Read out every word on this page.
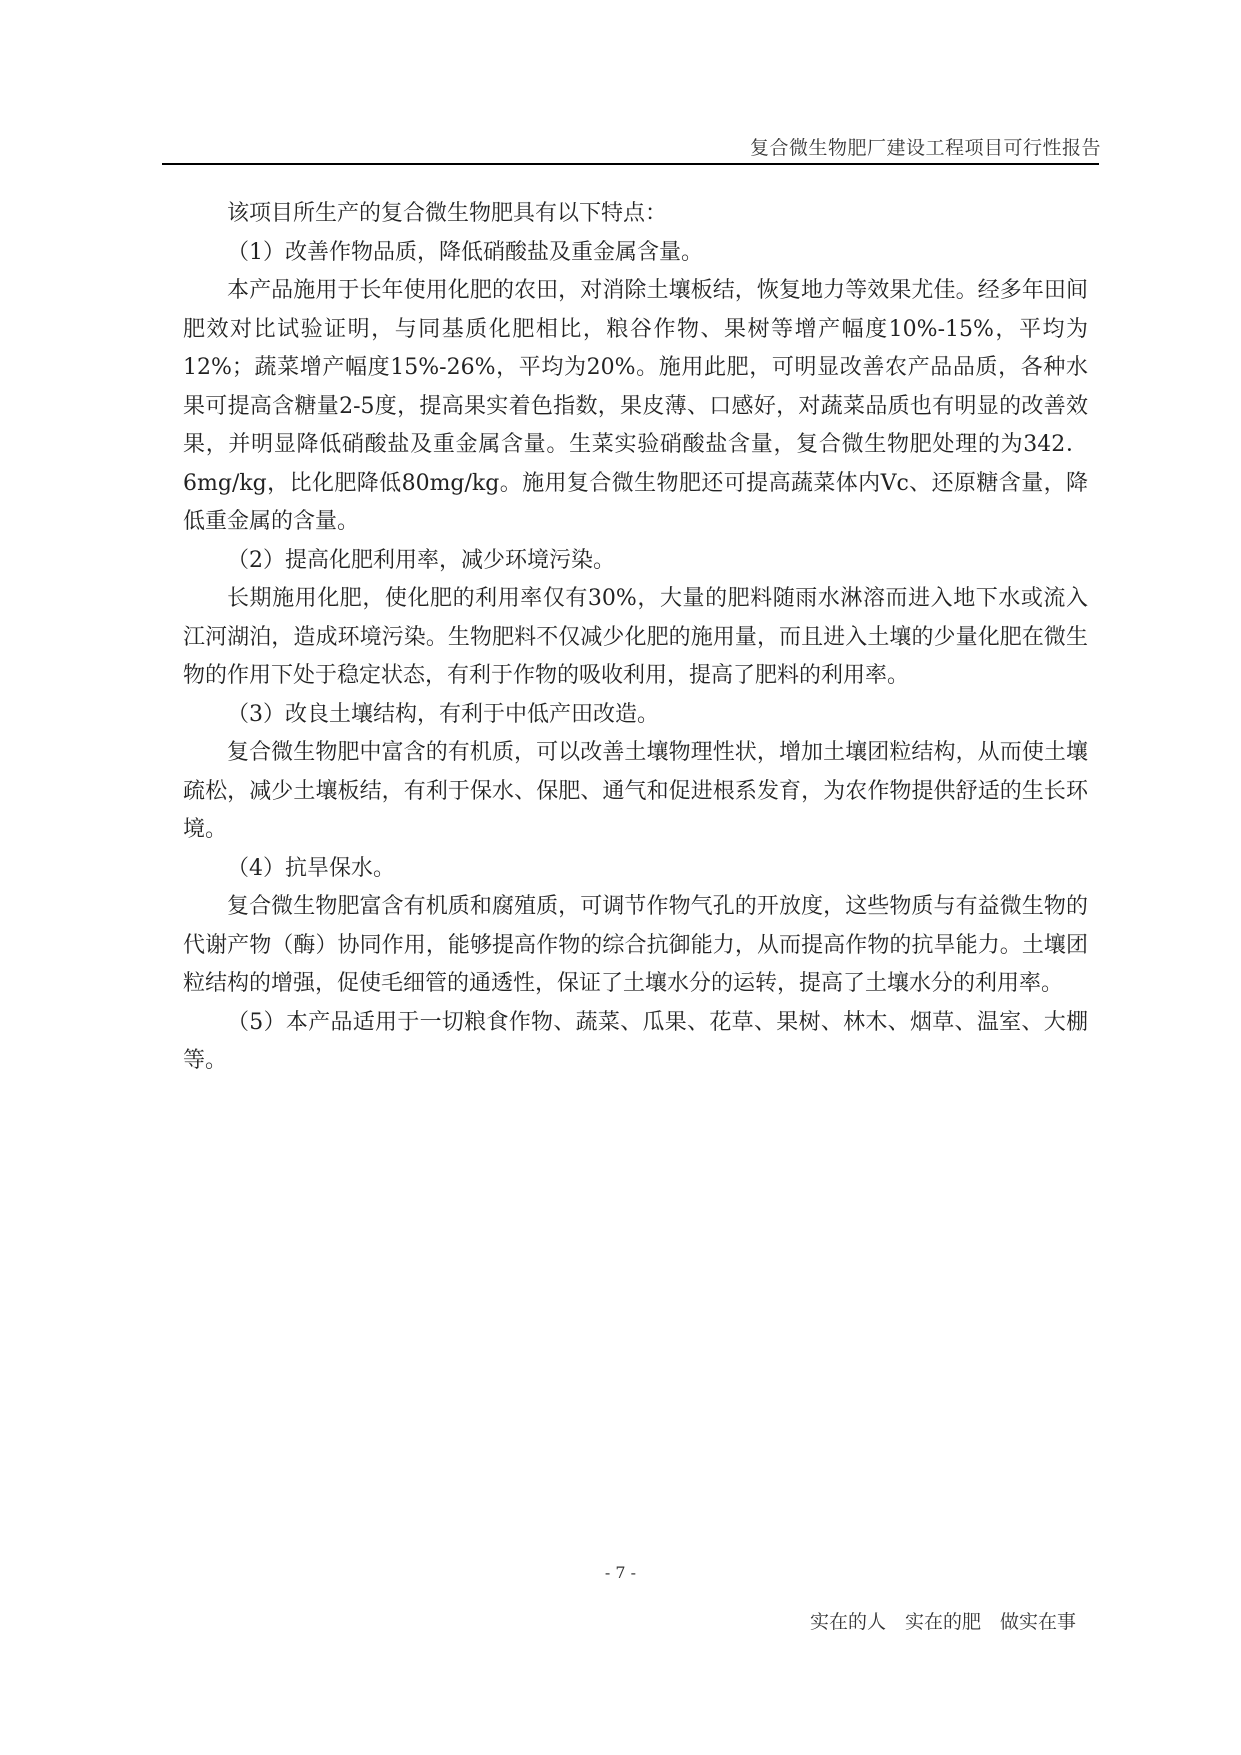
复合微生物肥厂建设工程项目可行性报告

该项目所生产的复合微生物肥具有以下特点：

（1）改善作物品质，降低硝酸盐及重金属含量。

本产品施用于长年使用化肥的农田，对消除土壤板结，恢复地力等效果尤佳。经多年田间肥效对比试验证明，与同基质化肥相比，粮谷作物、果树等增产幅度10%-15%，平均为12%；蔬菜增产幅度15%-26%，平均为20%。施用此肥，可明显改善农产品品质，各种水果可提高含糖量2-5度，提高果实着色指数，果皮薄、口感好，对蔬菜品质也有明显的改善效果，并明显降低硝酸盐及重金属含量。生菜实验硝酸盐含量，复合微生物肥处理的为342．6mg/kg，比化肥降低80mg/kg。施用复合微生物肥还可提高蔬菜体内Vc、还原糖含量，降低重金属的含量。

（2）提高化肥利用率，减少环境污染。

长期施用化肥，使化肥的利用率仅有30%，大量的肥料随雨水淋溶而进入地下水或流入江河湖泊，造成环境污染。生物肥料不仅减少化肥的施用量，而且进入土壤的少量化肥在微生物的作用下处于稳定状态，有利于作物的吸收利用，提高了肥料的利用率。

（3）改良土壤结构，有利于中低产田改造。

复合微生物肥中富含的有机质，可以改善土壤物理性状，增加土壤团粒结构，从而使土壤疏松，减少土壤板结，有利于保水、保肥、通气和促进根系发育，为农作物提供舒适的生长环境。

（4）抗旱保水。

复合微生物肥富含有机质和腐殖质，可调节作物气孔的开放度，这些物质与有益微生物的代谢产物（酶）协同作用，能够提高作物的综合抗御能力，从而提高作物的抗旱能力。土壤团粒结构的增强，促使毛细管的通透性，保证了土壤水分的运转，提高了土壤水分的利用率。

（5）本产品适用于一切粮食作物、蔬菜、瓜果、花草、果树、林木、烟草、温室、大棚等。

- 7 -
实在的人　实在的肥　做实在事
